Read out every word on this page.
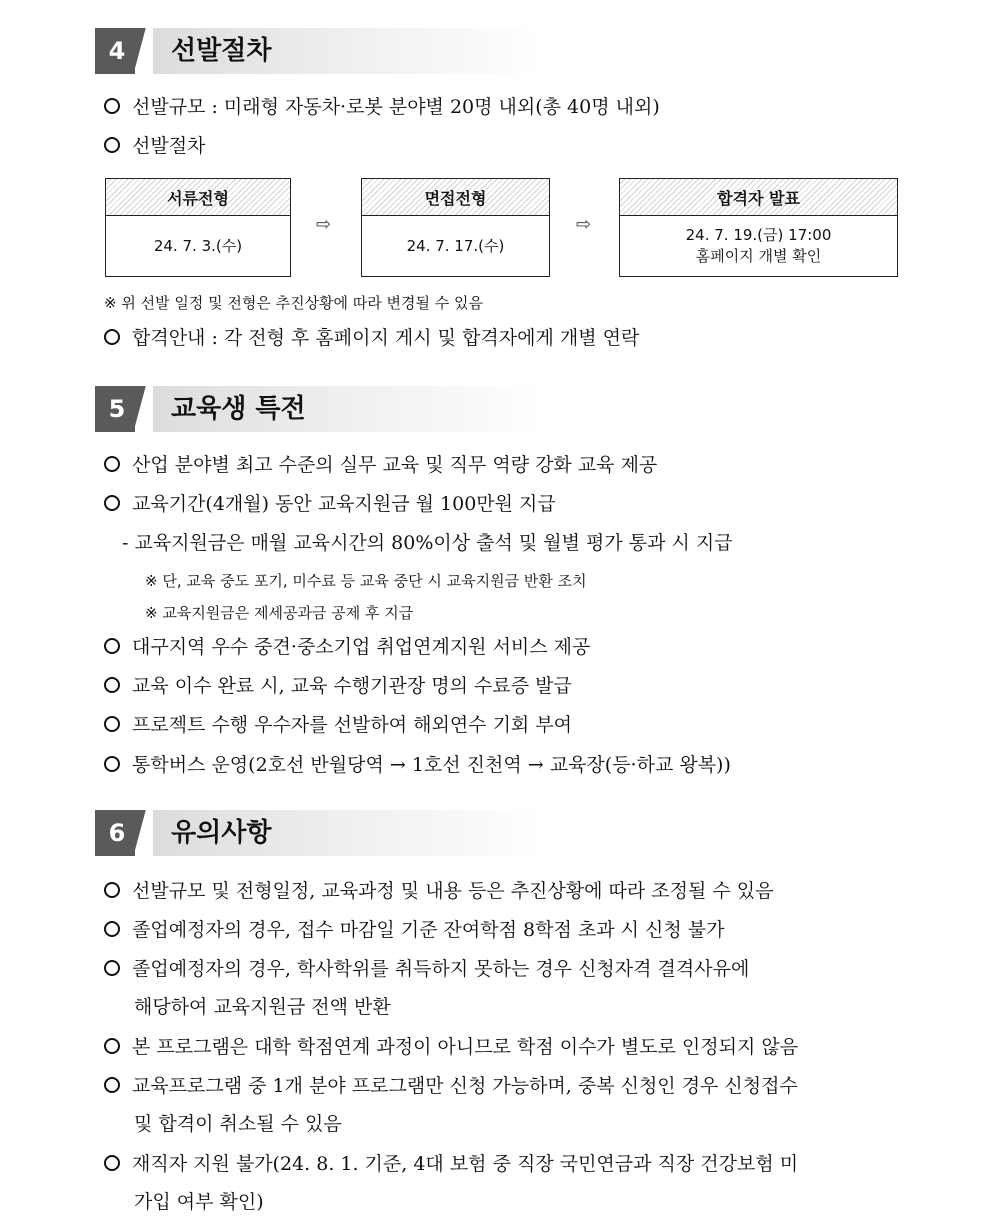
4	선발절차
선발규모 : 미래형 자동차·로봇 분야별 20명 내외(총 40명 내외)
선발절차
서류전형
24. 7. 3.(수)
⇨
면접전형
24. 7. 17.(수)
⇨
합격자 발표
24. 7. 19.(금) 17:00
홈페이지 개별 확인
※ 위 선발 일정 및 전형은 추진상황에 따라 변경될 수 있음
합격안내 : 각 전형 후 홈페이지 게시 및 합격자에게 개별 연락
5	교육생 특전
산업 분야별 최고 수준의 실무 교육 및 직무 역량 강화 교육 제공
교육기간(4개월) 동안 교육지원금 월 100만원 지급
- 교육지원금은 매월 교육시간의 80%이상 출석 및 월별 평가 통과 시 지급
※ 단, 교육 중도 포기, 미수료 등 교육 중단 시 교육지원금 반환 조치
※ 교육지원금은 제세공과금 공제 후 지급
대구지역 우수 중견·중소기업 취업연계지원 서비스 제공
교육 이수 완료 시, 교육 수행기관장 명의 수료증 발급
프로젝트 수행 우수자를 선발하여 해외연수 기회 부여
통학버스 운영(2호선 반월당역 → 1호선 진천역 → 교육장(등·하교 왕복))
6	유의사항
선발규모 및 전형일정, 교육과정 및 내용 등은 추진상황에 따라 조정될 수 있음
졸업예정자의 경우, 접수 마감일 기준 잔여학점 8학점 초과 시 신청 불가
졸업예정자의 경우, 학사학위를 취득하지 못하는 경우 신청자격 결격사유에
해당하여 교육지원금 전액 반환
본 프로그램은 대학 학점연계 과정이 아니므로 학점 이수가 별도로 인정되지 않음
교육프로그램 중 1개 분야 프로그램만 신청 가능하며, 중복 신청인 경우 신청접수
및 합격이 취소될 수 있음
재직자 지원 불가(24. 8. 1. 기준, 4대 보험 중 직장 국민연금과 직장 건강보험 미
가입 여부 확인)
